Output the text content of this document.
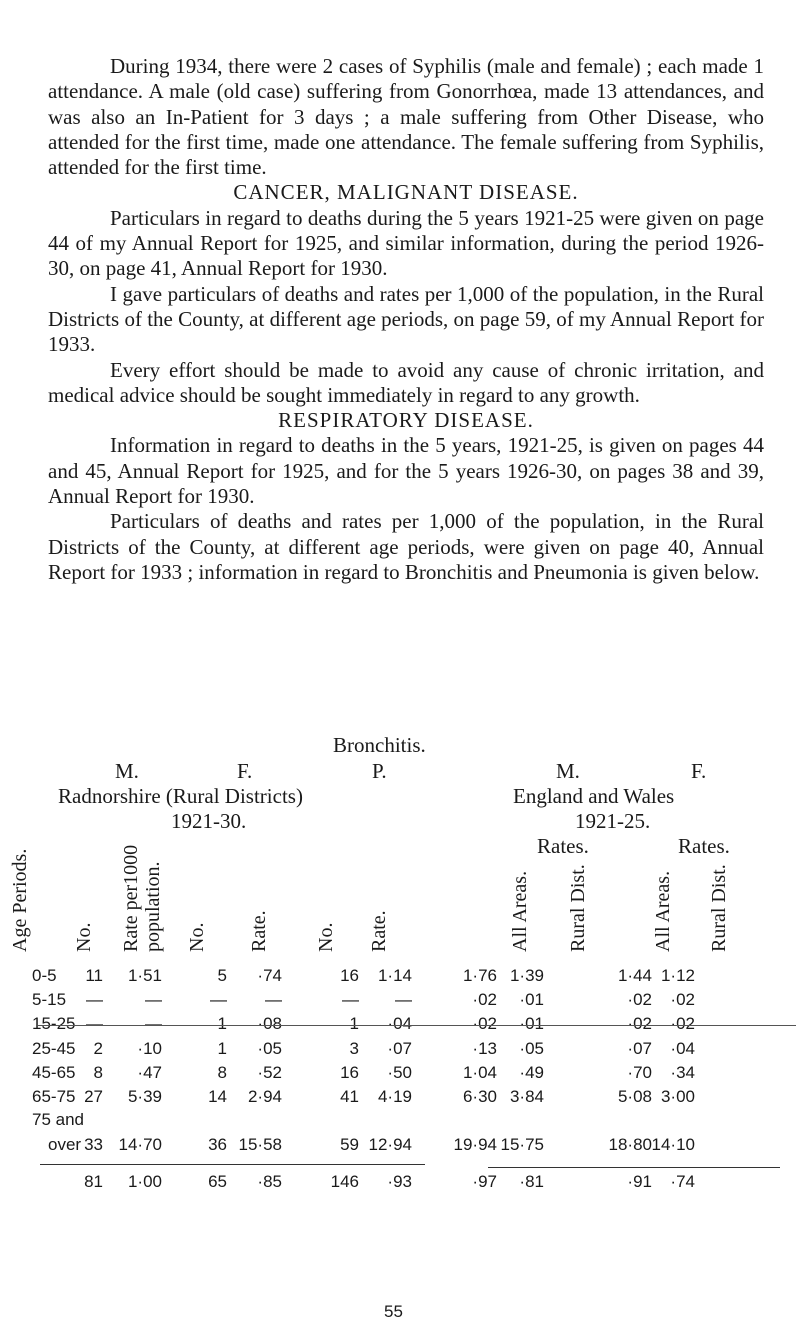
During 1934, there were 2 cases of Syphilis (male and female) ; each made 1 attendance. A male (old case) suffering from Gonorrhœa, made 13 attendances, and was also an In-Patient for 3 days ; a male suffering from Other Disease, who attended for the first time, made one attendance. The female suffering from Syphilis, attended for the first time.

CANCER, MALIGNANT DISEASE.

Particulars in regard to deaths during the 5 years 1921-25 were given on page 44 of my Annual Report for 1925, and similar information, during the period 1926-30, on page 41, Annual Report for 1930.

I gave particulars of deaths and rates per 1,000 of the population, in the Rural Districts of the County, at different age periods, on page 59, of my Annual Report for 1933.

Every effort should be made to avoid any cause of chronic irritation, and medical advice should be sought immediately in regard to any growth.

RESPIRATORY DISEASE.

Information in regard to deaths in the 5 years, 1921-25, is given on pages 44 and 45, Annual Report for 1925, and for the 5 years 1926-30, on pages 38 and 39, Annual Report for 1930.

Particulars of deaths and rates per 1,000 of the population, in the Rural Districts of the County, at different age periods, were given on page 40, Annual Report for 1933 ; information in regard to Bronchitis and Pneumonia is given below.

Bronchitis.
M.	F.	P.	M.	F.
Radnorshire (Rural Districts)	England and Wales
1921-30.	1921-25.
Rates.	Rates.
Age Periods. No. Rate per1000 population. No. Rate. No. Rate.	All Areas. Rural Dist.	All Areas. Rural Dist.
0-5	11	1·51	5	·74	16	1·14	1·76 1·39	1·44 1·12
5-15	—	—	—	—	—	—	·02	·01	·02	·02
15-25 —	—	1	·08	1	·04	·02	·01	·02	·02
25-45	2	·10	1	·05	3	·07	·13	·05	·07	·04
45-65	8	·47	8	·52	16	·50	1·04	·49	·70	·34
65-75 27	5·39	14	2·94	41	4·19	6·30 3·84	5·08 3·00
75 and
over 33 14·70	36 15·58	59 12·94	19·94 15·75	18·80 14·10
81	1·00	65	·85	146	·93	·97	·81	·91	·74
55
